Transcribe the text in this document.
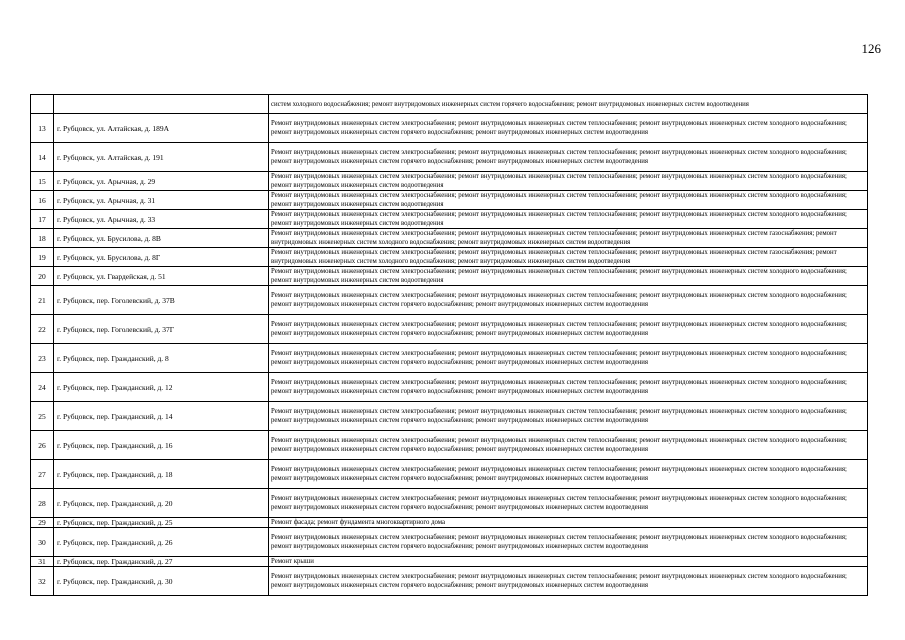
126
		систем холодного водоснабжения; ремонт внутридомовых инженерных систем горячего водоснабжения; ремонт внутридомовых инженерных систем водоотведения
13	г. Рубцовск, ул. Алтайская, д. 189А	Ремонт внутридомовых инженерных систем электроснабжения; ремонт внутридомовых инженерных систем теплоснабжения; ремонт внутридомовых инженерных систем холодного водоснабжения; ремонт внутридомовых инженерных систем горячего водоснабжения; ремонт внутридомовых инженерных систем водоотведения
14	г. Рубцовск, ул. Алтайская, д. 191	Ремонт внутридомовых инженерных систем электроснабжения; ремонт внутридомовых инженерных систем теплоснабжения; ремонт внутридомовых инженерных систем холодного водоснабжения; ремонт внутридомовых инженерных систем горячего водоснабжения; ремонт внутридомовых инженерных систем водоотведения
15	г. Рубцовск, ул. Арычная, д. 29	Ремонт внутридомовых инженерных систем электроснабжения; ремонт внутридомовых инженерных систем теплоснабжения; ремонт внутридомовых инженерных систем холодного водоснабжения; ремонт внутридомовых инженерных систем водоотведения
16	г. Рубцовск, ул. Арычная, д. 31	Ремонт внутридомовых инженерных систем электроснабжения; ремонт внутридомовых инженерных систем теплоснабжения; ремонт внутридомовых инженерных систем холодного водоснабжения; ремонт внутридомовых инженерных систем водоотведения
17	г. Рубцовск, ул. Арычная, д. 33	Ремонт внутридомовых инженерных систем электроснабжения; ремонт внутридомовых инженерных систем теплоснабжения; ремонт внутридомовых инженерных систем холодного водоснабжения; ремонт внутридомовых инженерных систем водоотведения
18	г. Рубцовск, ул. Брусилова, д. 8В	Ремонт внутридомовых инженерных систем электроснабжения; ремонт внутридомовых инженерных систем теплоснабжения; ремонт внутридомовых инженерных систем газоснабжения; ремонт внутридомовых инженерных систем холодного водоснабжения; ремонт внутридомовых инженерных систем водоотведения
19	г. Рубцовск, ул. Брусилова, д. 8Г	Ремонт внутридомовых инженерных систем электроснабжения; ремонт внутридомовых инженерных систем теплоснабжения; ремонт внутридомовых инженерных систем газоснабжения; ремонт внутридомовых инженерных систем холодного водоснабжения; ремонт внутридомовых инженерных систем водоотведения
20	г. Рубцовск, ул. Гвардейская, д. 51	Ремонт внутридомовых инженерных систем электроснабжения; ремонт внутридомовых инженерных систем теплоснабжения; ремонт внутридомовых инженерных систем холодного водоснабжения; ремонт внутридомовых инженерных систем водоотведения
21	г. Рубцовск, пер. Гоголевский, д. 37В	Ремонт внутридомовых инженерных систем электроснабжения; ремонт внутридомовых инженерных систем теплоснабжения; ремонт внутридомовых инженерных систем холодного водоснабжения; ремонт внутридомовых инженерных систем горячего водоснабжения; ремонт внутридомовых инженерных систем водоотведения
22	г. Рубцовск, пер. Гоголевский, д. 37Г	Ремонт внутридомовых инженерных систем электроснабжения; ремонт внутридомовых инженерных систем теплоснабжения; ремонт внутридомовых инженерных систем холодного водоснабжения; ремонт внутридомовых инженерных систем горячего водоснабжения; ремонт внутридомовых инженерных систем водоотведения
23	г. Рубцовск, пер. Гражданский, д. 8	Ремонт внутридомовых инженерных систем электроснабжения; ремонт внутридомовых инженерных систем теплоснабжения; ремонт внутридомовых инженерных систем холодного водоснабжения; ремонт внутридомовых инженерных систем горячего водоснабжения; ремонт внутридомовых инженерных систем водоотведения
24	г. Рубцовск, пер. Гражданский, д. 12	Ремонт внутридомовых инженерных систем электроснабжения; ремонт внутридомовых инженерных систем теплоснабжения; ремонт внутридомовых инженерных систем холодного водоснабжения; ремонт внутридомовых инженерных систем горячего водоснабжения; ремонт внутридомовых инженерных систем водоотведения
25	г. Рубцовск, пер. Гражданский, д. 14	Ремонт внутридомовых инженерных систем электроснабжения; ремонт внутридомовых инженерных систем теплоснабжения; ремонт внутридомовых инженерных систем холодного водоснабжения; ремонт внутридомовых инженерных систем горячего водоснабжения; ремонт внутридомовых инженерных систем водоотведения
26	г. Рубцовск, пер. Гражданский, д. 16	Ремонт внутридомовых инженерных систем электроснабжения; ремонт внутридомовых инженерных систем теплоснабжения; ремонт внутридомовых инженерных систем холодного водоснабжения; ремонт внутридомовых инженерных систем горячего водоснабжения; ремонт внутридомовых инженерных систем водоотведения
27	г. Рубцовск, пер. Гражданский, д. 18	Ремонт внутридомовых инженерных систем электроснабжения; ремонт внутридомовых инженерных систем теплоснабжения; ремонт внутридомовых инженерных систем холодного водоснабжения; ремонт внутридомовых инженерных систем горячего водоснабжения; ремонт внутридомовых инженерных систем водоотведения
28	г. Рубцовск, пер. Гражданский, д. 20	Ремонт внутридомовых инженерных систем электроснабжения; ремонт внутридомовых инженерных систем теплоснабжения; ремонт внутридомовых инженерных систем холодного водоснабжения; ремонт внутридомовых инженерных систем горячего водоснабжения; ремонт внутридомовых инженерных систем водоотведения
29	г. Рубцовск, пер. Гражданский, д. 25	Ремонт фасада; ремонт фундамента многоквартирного дома
30	г. Рубцовск, пер. Гражданский, д. 26	Ремонт внутридомовых инженерных систем электроснабжения; ремонт внутридомовых инженерных систем теплоснабжения; ремонт внутридомовых инженерных систем холодного водоснабжения; ремонт внутридомовых инженерных систем горячего водоснабжения; ремонт внутридомовых инженерных систем водоотведения
31	г. Рубцовск, пер. Гражданский, д. 27	Ремонт крыши
32	г. Рубцовск, пер. Гражданский, д. 30	Ремонт внутридомовых инженерных систем электроснабжения; ремонт внутридомовых инженерных систем теплоснабжения; ремонт внутридомовых инженерных систем холодного водоснабжения; ремонт внутридомовых инженерных систем горячего водоснабжения; ремонт внутридомовых инженерных систем водоотведения
